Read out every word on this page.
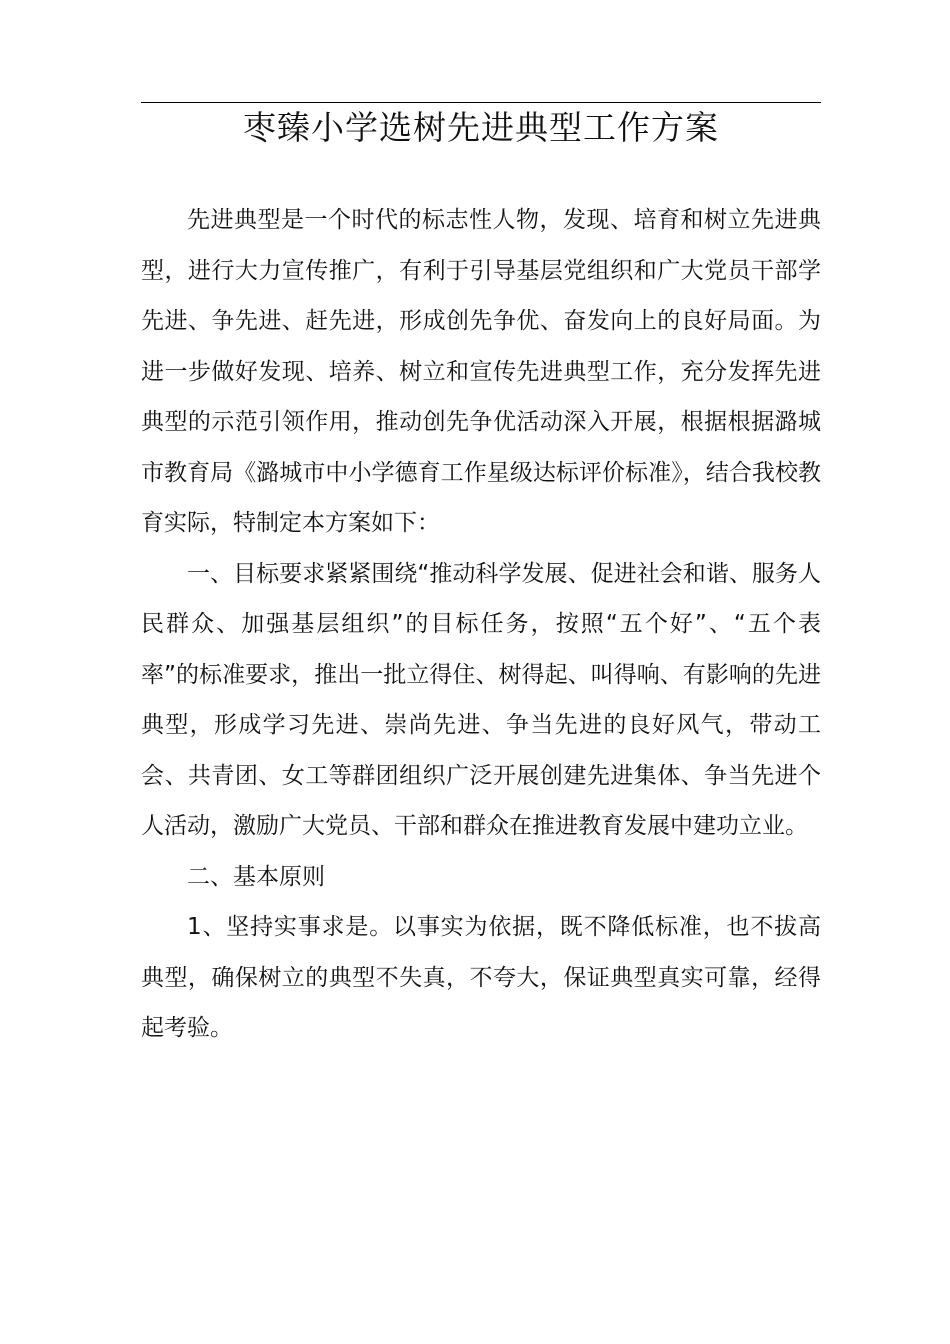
枣臻小学选树先进典型工作方案

先进典型是一个时代的标志性人物，发现、培育和树立先进典型，进行大力宣传推广，有利于引导基层党组织和广大党员干部学先进、争先进、赶先进，形成创先争优、奋发向上的良好局面。为进一步做好发现、培养、树立和宣传先进典型工作，充分发挥先进典型的示范引领作用，推动创先争优活动深入开展，根据根据潞城市教育局《潞城市中小学德育工作星级达标评价标准》，结合我校教育实际，特制定本方案如下：

一、目标要求紧紧围绕“推动科学发展、促进社会和谐、服务人民群众、加强基层组织”的目标任务，按照“五个好”、“五个表率”的标准要求，推出一批立得住、树得起、叫得响、有影响的先进典型，形成学习先进、崇尚先进、争当先进的良好风气，带动工会、共青团、女工等群团组织广泛开展创建先进集体、争当先进个人活动，激励广大党员、干部和群众在推进教育发展中建功立业。

二、基本原则

1、坚持实事求是。以事实为依据，既不降低标准，也不拔高典型，确保树立的典型不失真，不夸大，保证典型真实可靠，经得起考验。
